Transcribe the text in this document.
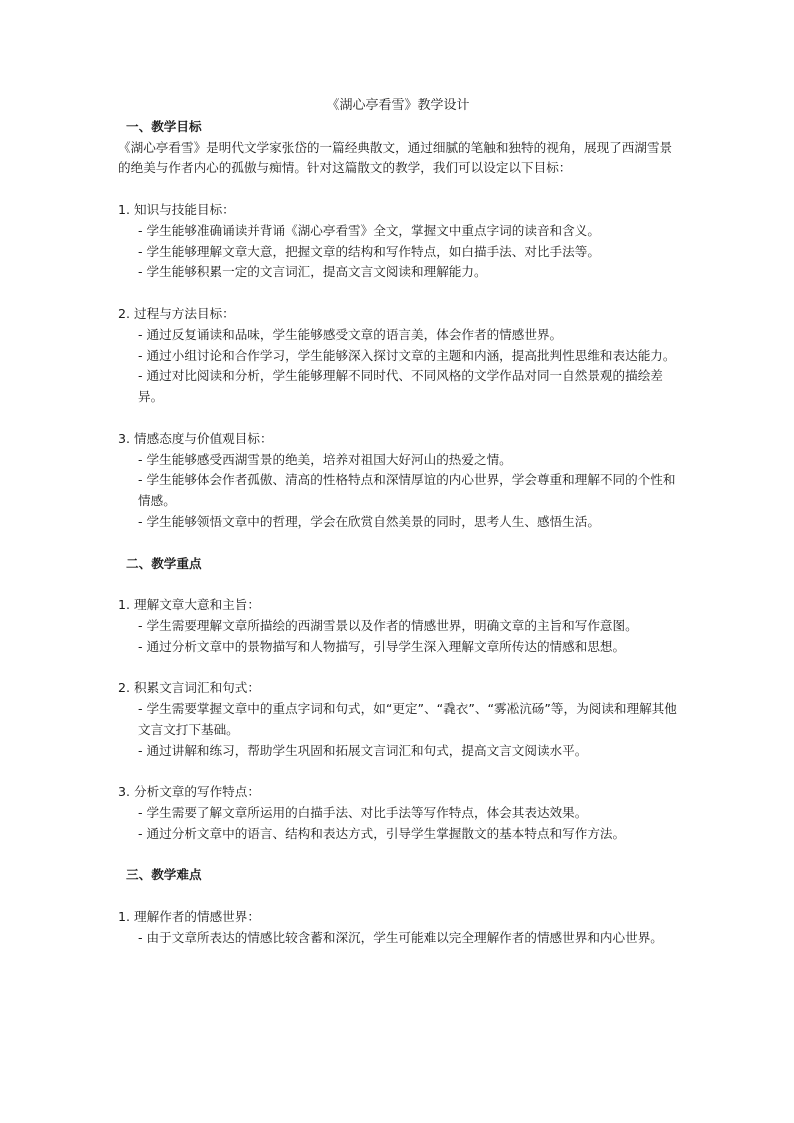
《湖心亭看雪》教学设计
一、教学目标
《湖心亭看雪》是明代文学家张岱的一篇经典散文，通过细腻的笔触和独特的视角，展现了西湖雪景的绝美与作者内心的孤傲与痴情。针对这篇散文的教学，我们可以设定以下目标：
1. 知识与技能目标：
- 学生能够准确诵读并背诵《湖心亭看雪》全文，掌握文中重点字词的读音和含义。
- 学生能够理解文章大意，把握文章的结构和写作特点，如白描手法、对比手法等。
- 学生能够积累一定的文言词汇，提高文言文阅读和理解能力。
2. 过程与方法目标：
- 通过反复诵读和品味，学生能够感受文章的语言美，体会作者的情感世界。
- 通过小组讨论和合作学习，学生能够深入探讨文章的主题和内涵，提高批判性思维和表达能力。
- 通过对比阅读和分析，学生能够理解不同时代、不同风格的文学作品对同一自然景观的描绘差异。
3. 情感态度与价值观目标：
- 学生能够感受西湖雪景的绝美，培养对祖国大好河山的热爱之情。
- 学生能够体会作者孤傲、清高的性格特点和深情厚谊的内心世界，学会尊重和理解不同的个性和情感。
- 学生能够领悟文章中的哲理，学会在欣赏自然美景的同时，思考人生、感悟生活。
二、教学重点
1. 理解文章大意和主旨：
- 学生需要理解文章所描绘的西湖雪景以及作者的情感世界，明确文章的主旨和写作意图。
- 通过分析文章中的景物描写和人物描写，引导学生深入理解文章所传达的情感和思想。
2. 积累文言词汇和句式：
- 学生需要掌握文章中的重点字词和句式，如“更定”、“毳衣”、“雾凇沆砀”等，为阅读和理解其他文言文打下基础。
- 通过讲解和练习，帮助学生巩固和拓展文言词汇和句式，提高文言文阅读水平。
3. 分析文章的写作特点：
- 学生需要了解文章所运用的白描手法、对比手法等写作特点，体会其表达效果。
- 通过分析文章中的语言、结构和表达方式，引导学生掌握散文的基本特点和写作方法。
三、教学难点
1. 理解作者的情感世界：
- 由于文章所表达的情感比较含蓄和深沉，学生可能难以完全理解作者的情感世界和内心世界。
